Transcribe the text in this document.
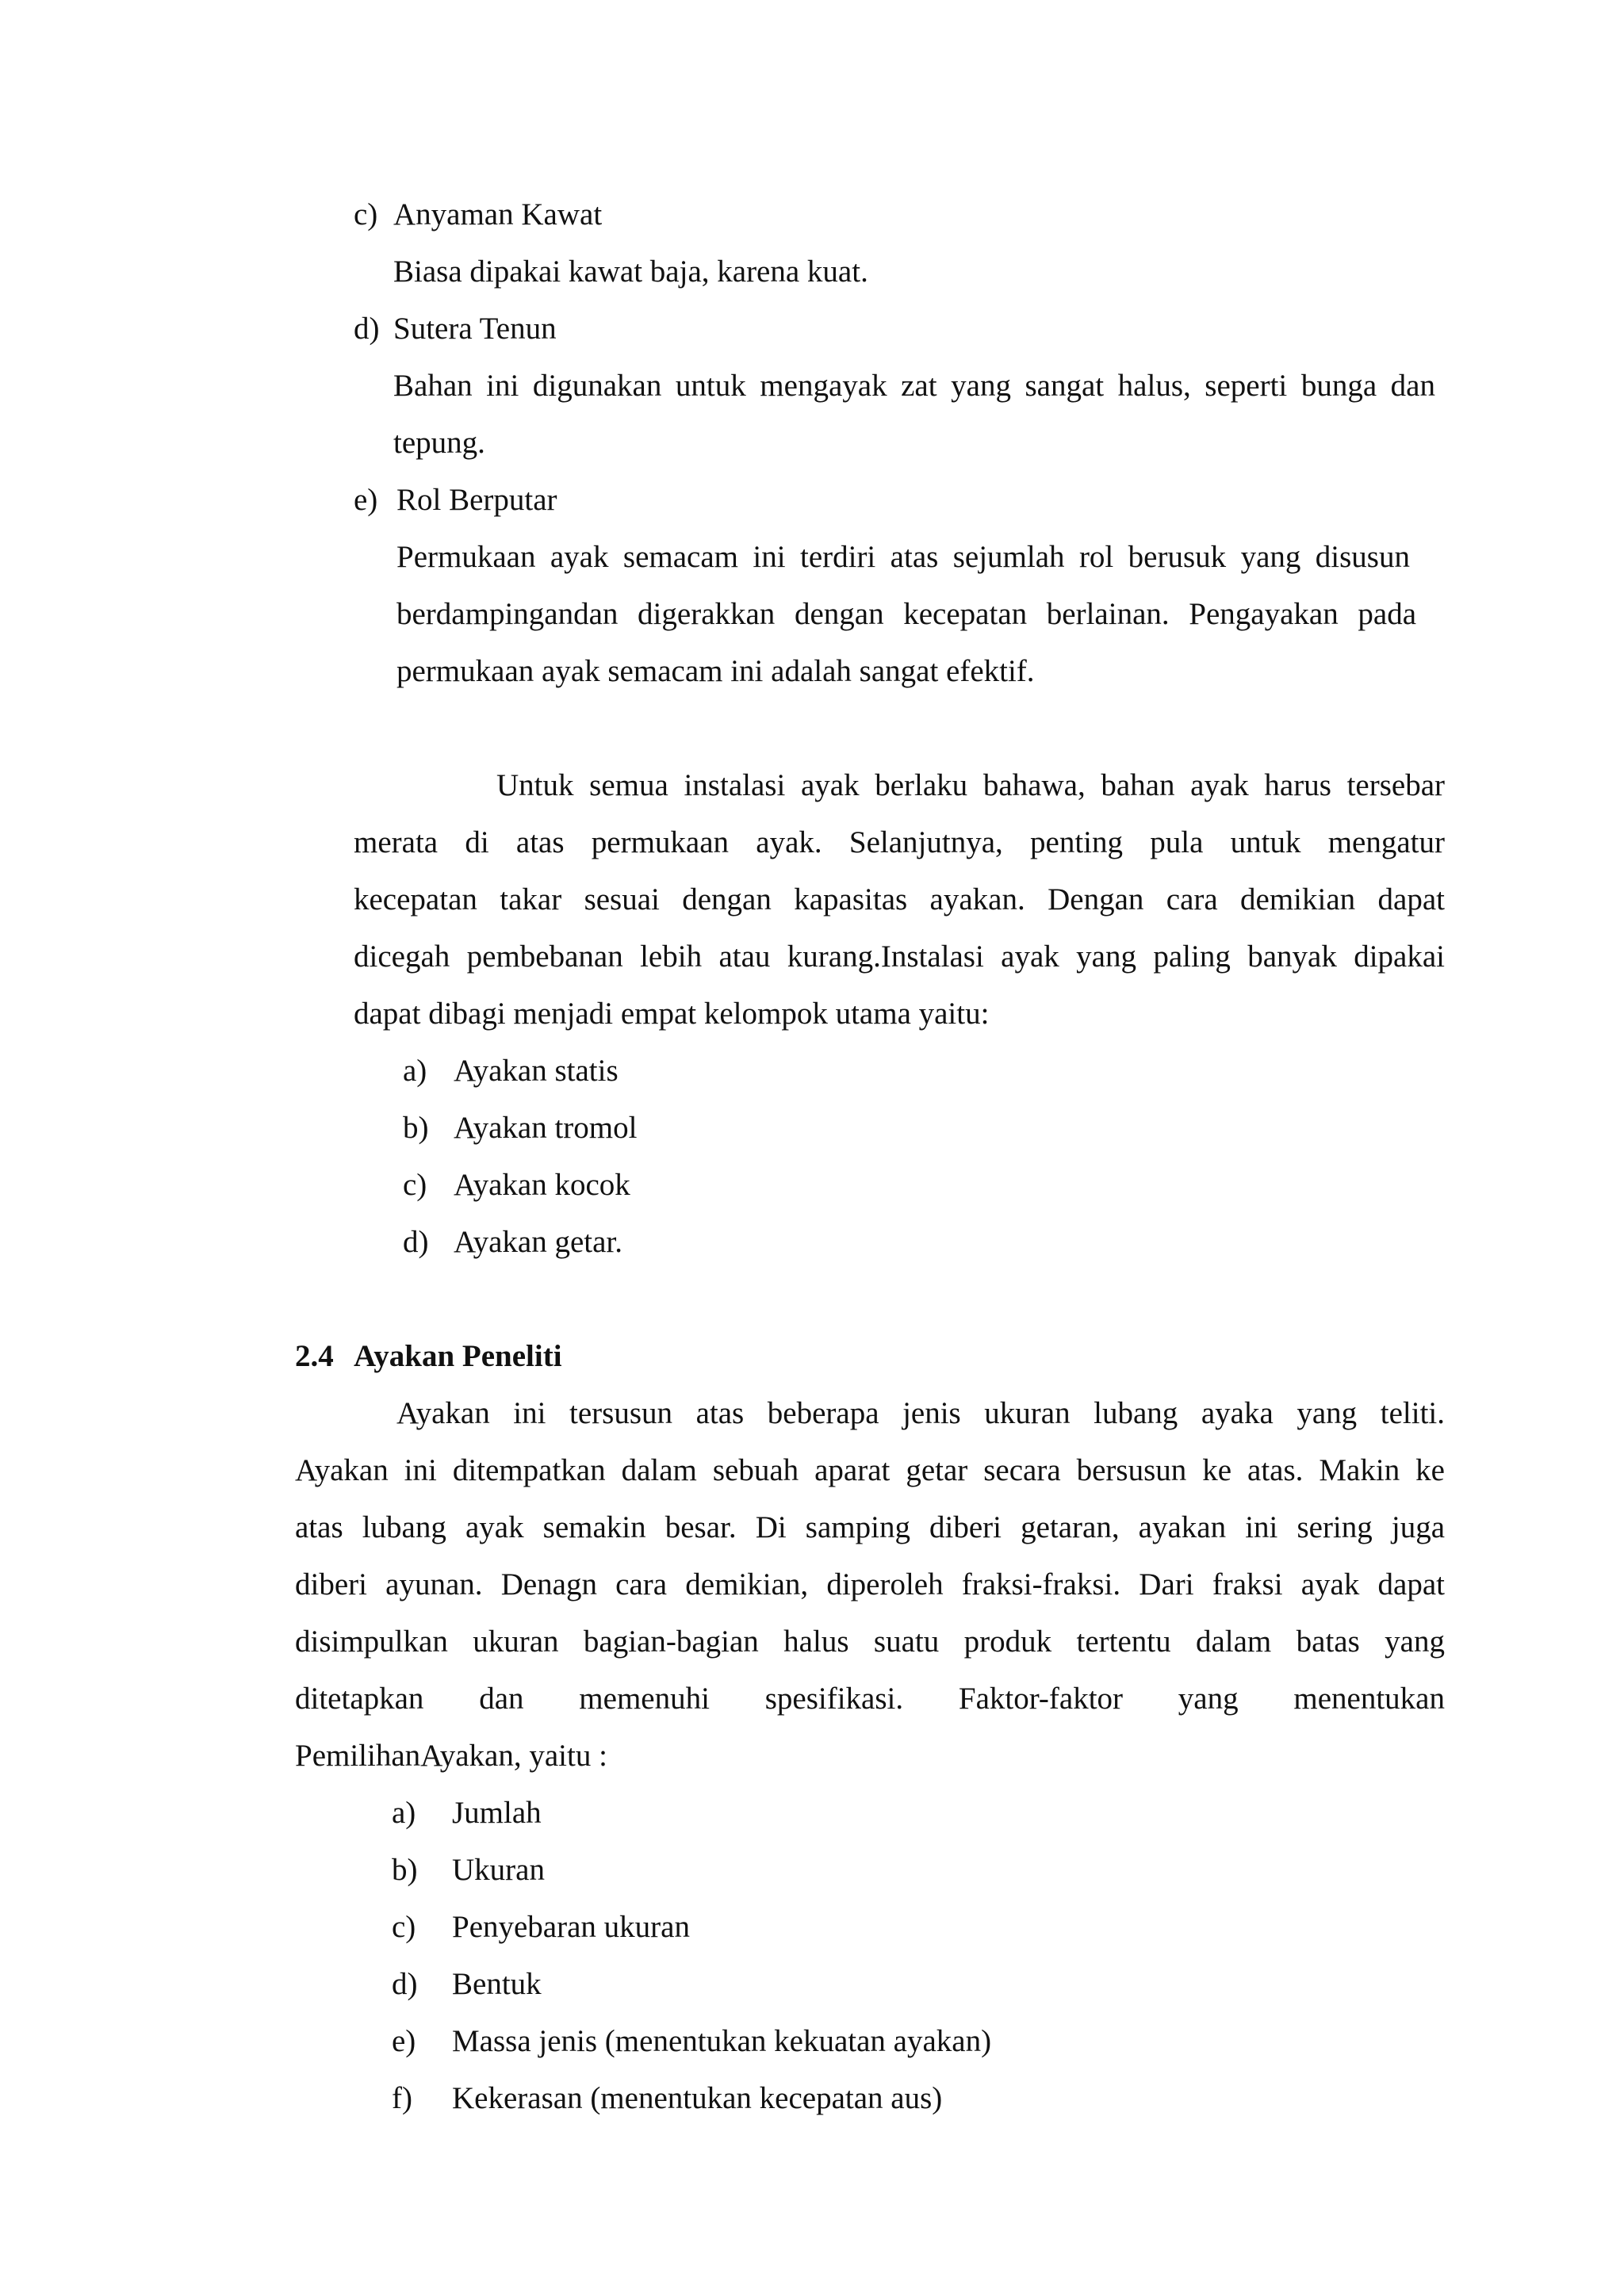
c) Anyaman Kawat
Biasa dipakai kawat baja, karena kuat.
d) Sutera Tenun
Bahan ini digunakan untuk mengayak zat yang sangat halus, seperti bunga dan
tepung.
e) Rol Berputar
Permukaan ayak semacam ini terdiri atas sejumlah rol berusuk yang disusun
berdampingandan digerakkan dengan kecepatan berlainan. Pengayakan pada
permukaan ayak semacam ini adalah sangat efektif.
Untuk semua instalasi ayak berlaku bahawa, bahan ayak harus tersebar
merata di atas permukaan ayak. Selanjutnya, penting pula untuk mengatur
kecepatan takar sesuai dengan kapasitas ayakan. Dengan cara demikian dapat
dicegah pembebanan lebih atau kurang.Instalasi ayak yang paling banyak dipakai
dapat dibagi menjadi empat kelompok utama yaitu:
a) Ayakan statis
b) Ayakan tromol
c) Ayakan kocok
d) Ayakan getar.
2.4 Ayakan Peneliti
Ayakan ini tersusun atas beberapa jenis ukuran lubang ayaka yang teliti.
Ayakan ini ditempatkan dalam sebuah aparat getar secara bersusun ke atas. Makin ke
atas lubang ayak semakin besar. Di samping diberi getaran, ayakan ini sering juga
diberi ayunan. Denagn cara demikian, diperoleh fraksi-fraksi. Dari fraksi ayak dapat
disimpulkan ukuran bagian-bagian halus suatu produk tertentu dalam batas yang
ditetapkan dan memenuhi spesifikasi. Faktor-faktor yang menentukan
PemilihanAyakan, yaitu :
a) Jumlah
b) Ukuran
c) Penyebaran ukuran
d) Bentuk
e) Massa jenis (menentukan kekuatan ayakan)
f) Kekerasan (menentukan kecepatan aus)
